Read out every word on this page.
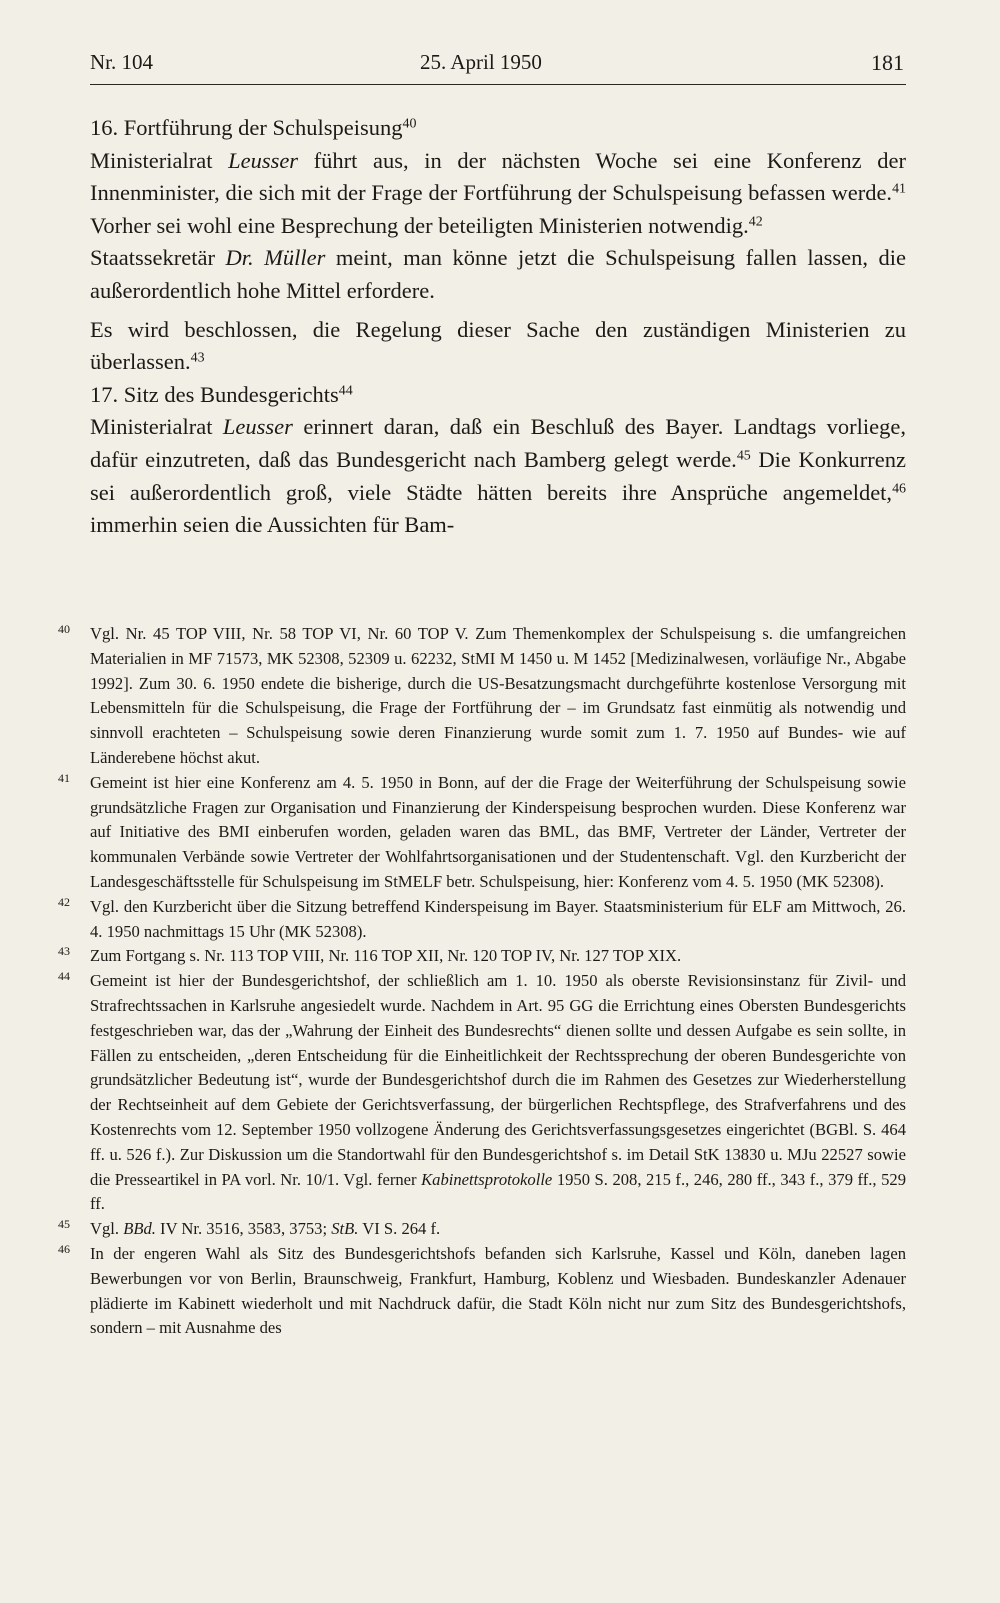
Nr. 104	25. April 1950	181

16. Fortführung der Schulspeisung$^{40}$

Ministerialrat Leusser führt aus, in der nächsten Woche sei eine Konferenz der Innenminister, die sich mit der Frage der Fortführung der Schulspeisung befassen werde.$^{41}$ Vorher sei wohl eine Besprechung der beteiligten Ministerien notwendig.$^{42}$

Staatssekretär Dr. Müller meint, man könne jetzt die Schulspeisung fallen lassen, die außerordentlich hohe Mittel erfordere.

Es wird beschlossen, die Regelung dieser Sache den zuständigen Ministerien zu überlassen.$^{43}$

17. Sitz des Bundesgerichts$^{44}$

Ministerialrat Leusser erinnert daran, daß ein Beschluß des Bayer. Landtags vorliege, dafür einzutreten, daß das Bundesgericht nach Bamberg gelegt werde.$^{45}$ Die Konkurrenz sei außerordentlich groß, viele Städte hätten bereits ihre Ansprüche angemeldet,$^{46}$ immerhin seien die Aussichten für Bam-

40 Vgl. Nr. 45 TOP VIII, Nr. 58 TOP VI, Nr. 60 TOP V. Zum Themenkomplex der Schulspeisung s. die umfangreichen Materialien in MF 71573, MK 52308, 52309 u. 62232, StMI M 1450 u. M 1452 [Medizinalwesen, vorläufige Nr., Abgabe 1992]. Zum 30. 6. 1950 endete die bisherige, durch die US-Besatzungsmacht durchgeführte kostenlose Versorgung mit Lebensmitteln für die Schulspeisung, die Frage der Fortführung der – im Grundsatz fast einmütig als notwendig und sinnvoll erachteten – Schulspeisung sowie deren Finanzierung wurde somit zum 1. 7. 1950 auf Bundes- wie auf Länderebene höchst akut.

41 Gemeint ist hier eine Konferenz am 4. 5. 1950 in Bonn, auf der die Frage der Weiterführung der Schulspeisung sowie grundsätzliche Fragen zur Organisation und Finanzierung der Kinderspeisung besprochen wurden. Diese Konferenz war auf Initiative des BMI einberufen worden, geladen waren das BML, das BMF, Vertreter der Länder, Vertreter der kommunalen Verbände sowie Vertreter der Wohlfahrtsorganisationen und der Studentenschaft. Vgl. den Kurzbericht der Landesgeschäftsstelle für Schulspeisung im StMELF betr. Schulspeisung, hier: Konferenz vom 4. 5. 1950 (MK 52308).

42 Vgl. den Kurzbericht über die Sitzung betreffend Kinderspeisung im Bayer. Staatsministerium für ELF am Mittwoch, 26. 4. 1950 nachmittags 15 Uhr (MK 52308).

43 Zum Fortgang s. Nr. 113 TOP VIII, Nr. 116 TOP XII, Nr. 120 TOP IV, Nr. 127 TOP XIX.

44 Gemeint ist hier der Bundesgerichtshof, der schließlich am 1. 10. 1950 als oberste Revisionsinstanz für Zivil- und Strafrechtssachen in Karlsruhe angesiedelt wurde. Nachdem in Art. 95 GG die Errichtung eines Obersten Bundesgerichts festgeschrieben war, das der „Wahrung der Einheit des Bundesrechts“ dienen sollte und dessen Aufgabe es sein sollte, in Fällen zu entscheiden, „deren Entscheidung für die Einheitlichkeit der Rechtssprechung der oberen Bundesgerichte von grundsätzlicher Bedeutung ist“, wurde der Bundesgerichtshof durch die im Rahmen des Gesetzes zur Wiederherstellung der Rechtseinheit auf dem Gebiete der Gerichtsverfassung, der bürgerlichen Rechtspflege, des Strafverfahrens und des Kostenrechts vom 12. September 1950 vollzogene Änderung des Gerichtsverfassungsgesetzes eingerichtet (BGBl. S. 464 ff. u. 526 f.). Zur Diskussion um die Standortwahl für den Bundesgerichtshof s. im Detail StK 13830 u. MJu 22527 sowie die Presseartikel in PA vorl. Nr. 10/1. Vgl. ferner Kabinettsprotokolle 1950 S. 208, 215 f., 246, 280 ff., 343 f., 379 ff., 529 ff.

45 Vgl. BBd. IV Nr. 3516, 3583, 3753; StB. VI S. 264 f.

46 In der engeren Wahl als Sitz des Bundesgerichtshofs befanden sich Karlsruhe, Kassel und Köln, daneben lagen Bewerbungen vor von Berlin, Braunschweig, Frankfurt, Hamburg, Koblenz und Wiesbaden. Bundeskanzler Adenauer plädierte im Kabinett wiederholt und mit Nachdruck dafür, die Stadt Köln nicht nur zum Sitz des Bundesgerichtshofs, sondern – mit Ausnahme des
